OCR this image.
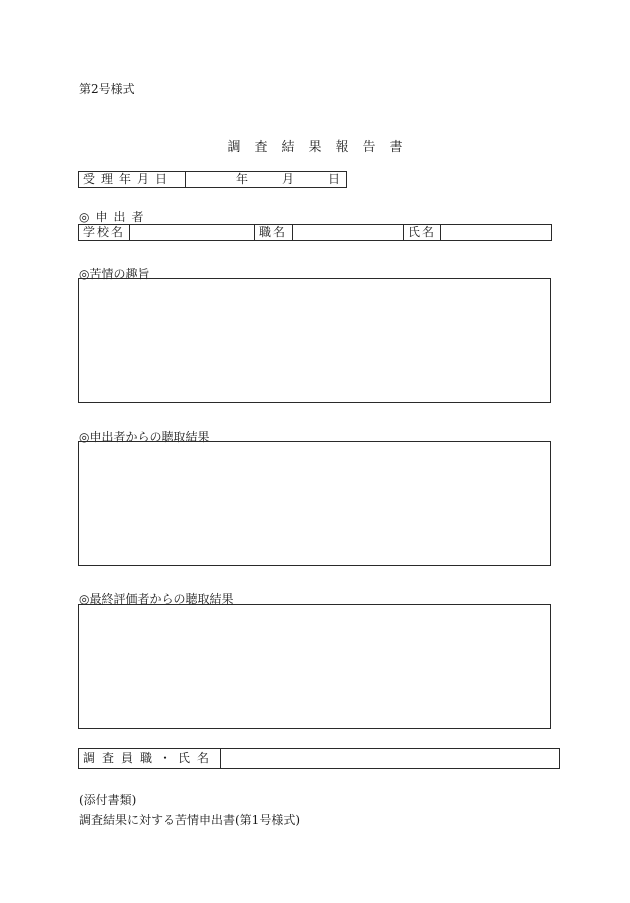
第2号様式
調査結果報告書
受理年月日	年	月	日
◎申出者
学校名		職名		氏名	
◎苦情の趣旨
◎申出者からの聴取結果
◎最終評価者からの聴取結果
調査員職・氏名	
(添付書類)
調査結果に対する苦情申出書(第1号様式)
